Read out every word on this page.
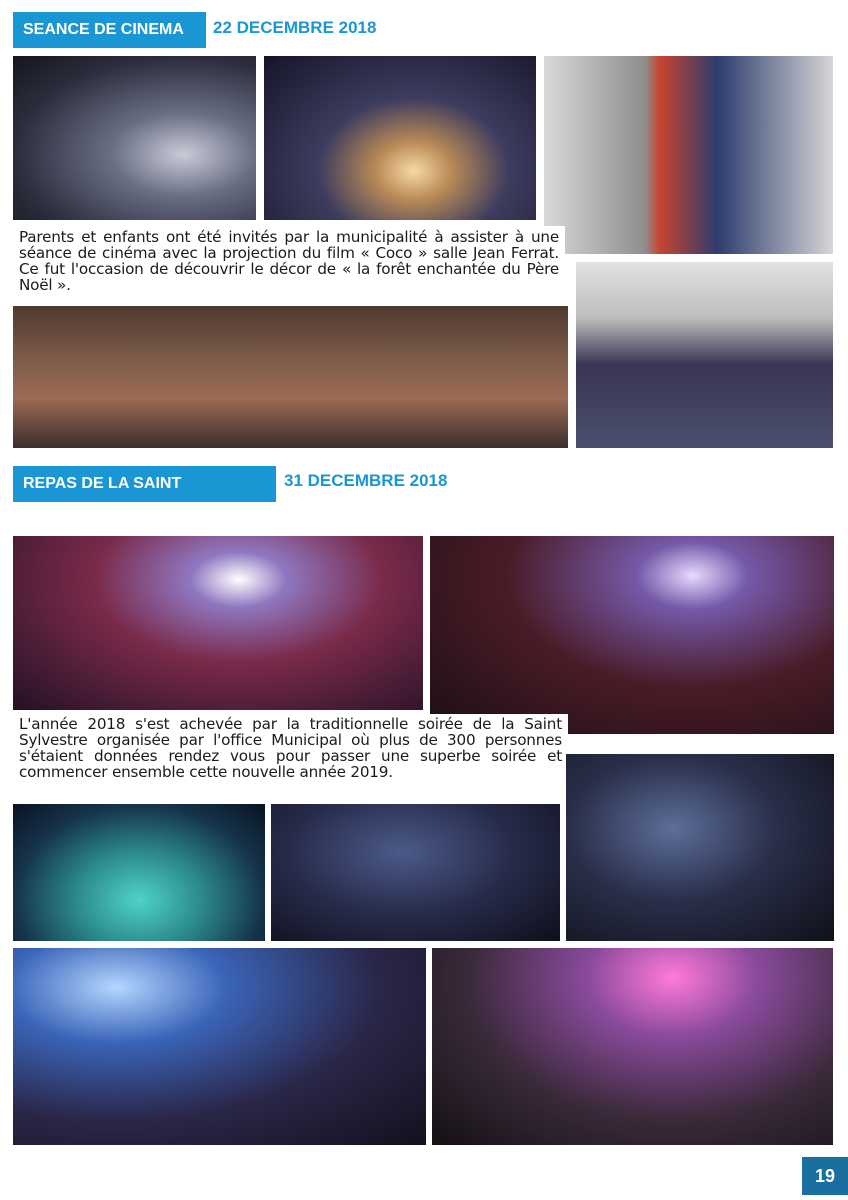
SEANCE DE CINEMA	22 DECEMBRE 2018
Parents et enfants ont été invités par la municipalité à assister à une séance de cinéma avec la projection du film « Coco » salle Jean Ferrat. Ce fut l'occasion de découvrir le décor de « la forêt enchantée du Père Noël ».
REPAS DE LA SAINT SYLVESTRE
31 DECEMBRE 2018
L'année 2018 s'est achevée par la traditionnelle soirée de la Saint Sylvestre organisée par l'office Municipal où plus de 300 personnes s'étaient données rendez vous pour passer une superbe soirée et commencer ensemble cette nouvelle année 2019.
19
